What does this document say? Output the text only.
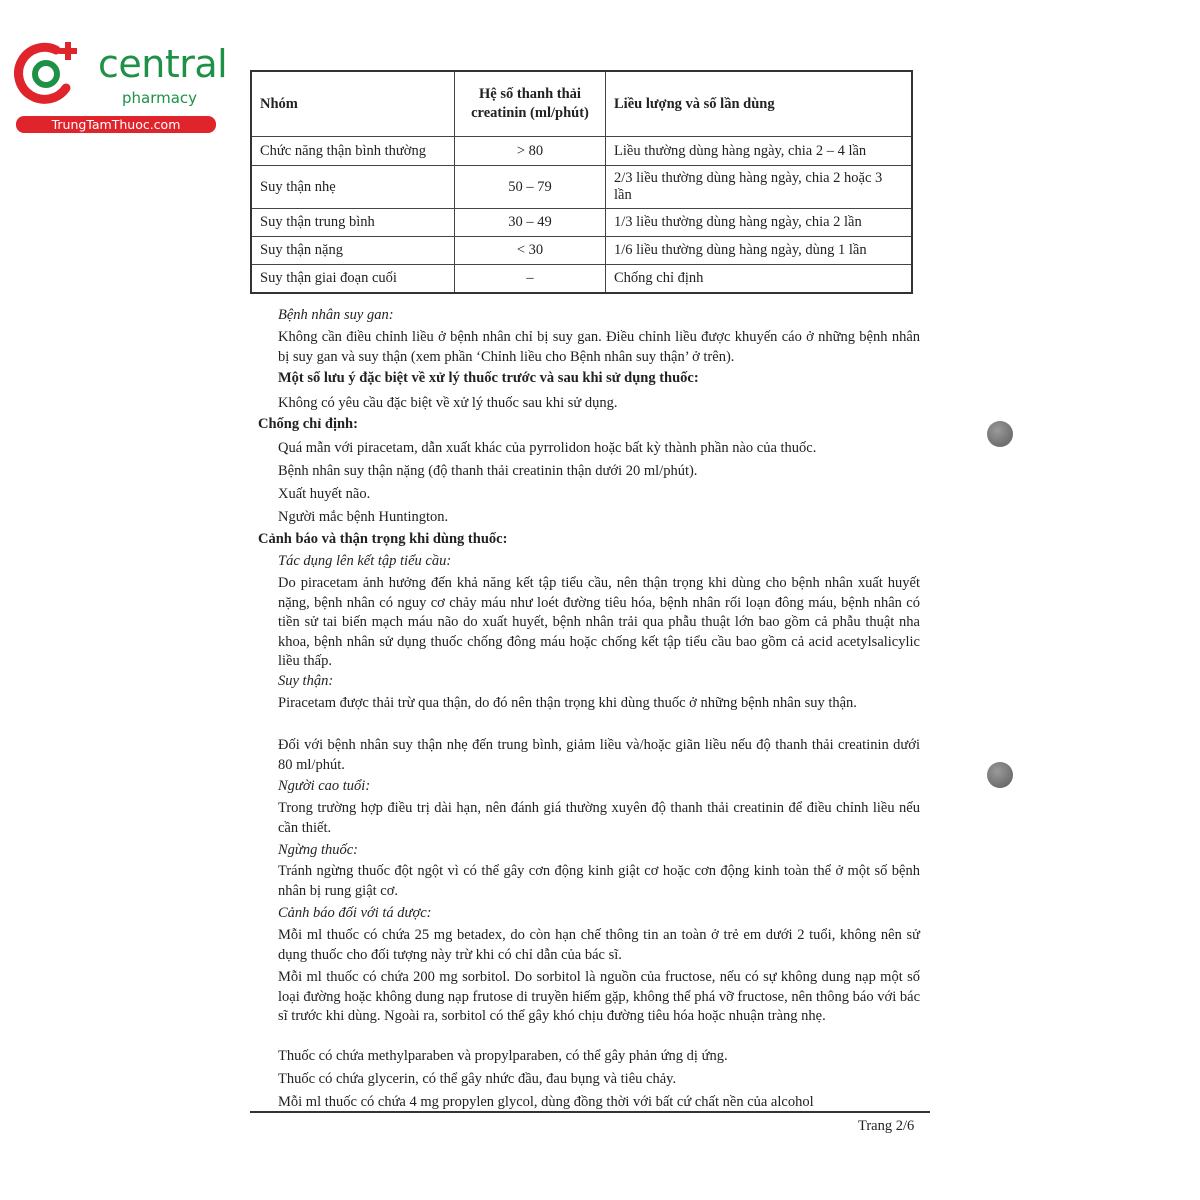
central
pharmacy
TrungTamThuoc.com
Nhóm	Hệ số thanh thải creatinin (ml/phút)	Liều lượng và số lần dùng
Chức năng thận bình thường	> 80	Liều thường dùng hàng ngày, chia 2 – 4 lần
Suy thận nhẹ	50 – 79	2/3 liều thường dùng hàng ngày, chia 2 hoặc 3 lần
Suy thận trung bình	30 – 49	1/3 liều thường dùng hàng ngày, chia 2 lần
Suy thận nặng	< 30	1/6 liều thường dùng hàng ngày, dùng 1 lần
Suy thận giai đoạn cuối	–	Chống chỉ định
Bệnh nhân suy gan:
Không cần điều chỉnh liều ở bệnh nhân chỉ bị suy gan. Điều chỉnh liều được khuyến cáo ở những bệnh nhân bị suy gan và suy thận (xem phần ‘Chỉnh liều cho Bệnh nhân suy thận’ ở trên).
Một số lưu ý đặc biệt về xử lý thuốc trước và sau khi sử dụng thuốc:
Không có yêu cầu đặc biệt về xử lý thuốc sau khi sử dụng.
Chống chỉ định:
Quá mẫn với piracetam, dẫn xuất khác của pyrrolidon hoặc bất kỳ thành phần nào của thuốc.
Bệnh nhân suy thận nặng (độ thanh thải creatinin thận dưới 20 ml/phút).
Xuất huyết não.
Người mắc bệnh Huntington.
Cảnh báo và thận trọng khi dùng thuốc:
Tác dụng lên kết tập tiểu cầu:
Do piracetam ảnh hưởng đến khả năng kết tập tiểu cầu, nên thận trọng khi dùng cho bệnh nhân xuất huyết nặng, bệnh nhân có nguy cơ chảy máu như loét đường tiêu hóa, bệnh nhân rối loạn đông máu, bệnh nhân có tiền sử tai biến mạch máu não do xuất huyết, bệnh nhân trải qua phẫu thuật lớn bao gồm cả phẫu thuật nha khoa, bệnh nhân sử dụng thuốc chống đông máu hoặc chống kết tập tiểu cầu bao gồm cả acid acetylsalicylic liều thấp.
Suy thận:
Piracetam được thải trừ qua thận, do đó nên thận trọng khi dùng thuốc ở những bệnh nhân suy thận.
Đối với bệnh nhân suy thận nhẹ đến trung bình, giảm liều và/hoặc giãn liều nếu độ thanh thải creatinin dưới 80 ml/phút.
Người cao tuổi:
Trong trường hợp điều trị dài hạn, nên đánh giá thường xuyên độ thanh thải creatinin để điều chỉnh liều nếu cần thiết.
Ngừng thuốc:
Tránh ngừng thuốc đột ngột vì có thể gây cơn động kinh giật cơ hoặc cơn động kinh toàn thể ở một số bệnh nhân bị rung giật cơ.
Cảnh báo đối với tá dược:
Mỗi ml thuốc có chứa 25 mg betadex, do còn hạn chế thông tin an toàn ở trẻ em dưới 2 tuổi, không nên sử dụng thuốc cho đối tượng này trừ khi có chỉ dẫn của bác sĩ.
Mỗi ml thuốc có chứa 200 mg sorbitol. Do sorbitol là nguồn của fructose, nếu có sự không dung nạp một số loại đường hoặc không dung nạp frutose di truyền hiếm gặp, không thể phá vỡ fructose, nên thông báo với bác sĩ trước khi dùng. Ngoài ra, sorbitol có thể gây khó chịu đường tiêu hóa hoặc nhuận tràng nhẹ.
Thuốc có chứa methylparaben và propylparaben, có thể gây phản ứng dị ứng.
Thuốc có chứa glycerin, có thể gây nhức đầu, đau bụng và tiêu chảy.
Mỗi ml thuốc có chứa 4 mg propylen glycol, dùng đồng thời với bất cứ chất nền của alcohol
Trang 2/6
